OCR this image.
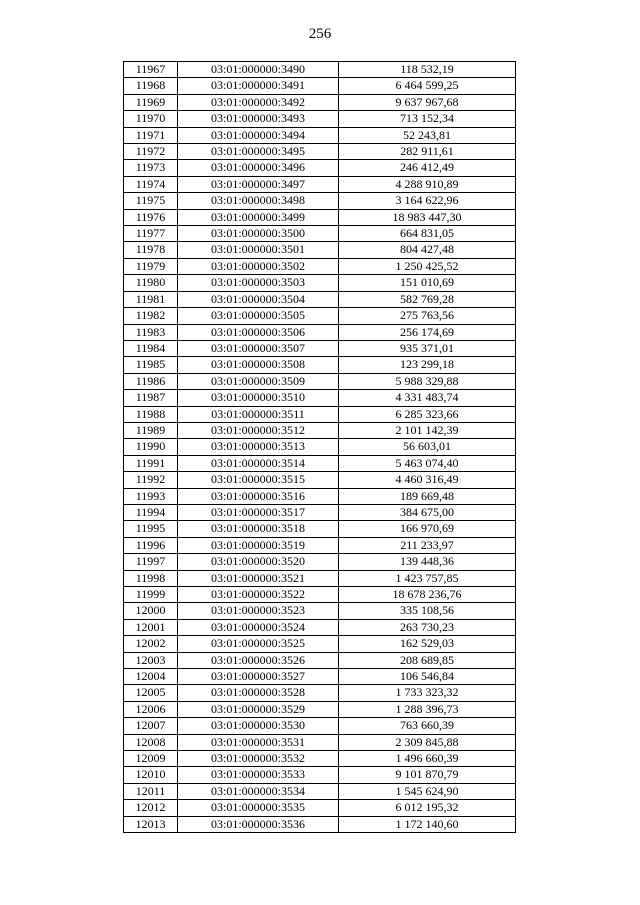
256
11967	03:01:000000:3490	118 532,19
11968	03:01:000000:3491	6 464 599,25
11969	03:01:000000:3492	9 637 967,68
11970	03:01:000000:3493	713 152,34
11971	03:01:000000:3494	52 243,81
11972	03:01:000000:3495	282 911,61
11973	03:01:000000:3496	246 412,49
11974	03:01:000000:3497	4 288 910,89
11975	03:01:000000:3498	3 164 622,96
11976	03:01:000000:3499	18 983 447,30
11977	03:01:000000:3500	664 831,05
11978	03:01:000000:3501	804 427,48
11979	03:01:000000:3502	1 250 425,52
11980	03:01:000000:3503	151 010,69
11981	03:01:000000:3504	582 769,28
11982	03:01:000000:3505	275 763,56
11983	03:01:000000:3506	256 174,69
11984	03:01:000000:3507	935 371,01
11985	03:01:000000:3508	123 299,18
11986	03:01:000000:3509	5 988 329,88
11987	03:01:000000:3510	4 331 483,74
11988	03:01:000000:3511	6 285 323,66
11989	03:01:000000:3512	2 101 142,39
11990	03:01:000000:3513	56 603,01
11991	03:01:000000:3514	5 463 074,40
11992	03:01:000000:3515	4 460 316,49
11993	03:01:000000:3516	189 669,48
11994	03:01:000000:3517	384 675,00
11995	03:01:000000:3518	166 970,69
11996	03:01:000000:3519	211 233,97
11997	03:01:000000:3520	139 448,36
11998	03:01:000000:3521	1 423 757,85
11999	03:01:000000:3522	18 678 236,76
12000	03:01:000000:3523	335 108,56
12001	03:01:000000:3524	263 730,23
12002	03:01:000000:3525	162 529,03
12003	03:01:000000:3526	208 689,85
12004	03:01:000000:3527	106 546,84
12005	03:01:000000:3528	1 733 323,32
12006	03:01:000000:3529	1 288 396,73
12007	03:01:000000:3530	763 660,39
12008	03:01:000000:3531	2 309 845,88
12009	03:01:000000:3532	1 496 660,39
12010	03:01:000000:3533	9 101 870,79
12011	03:01:000000:3534	1 545 624,90
12012	03:01:000000:3535	6 012 195,32
12013	03:01:000000:3536	1 172 140,60
